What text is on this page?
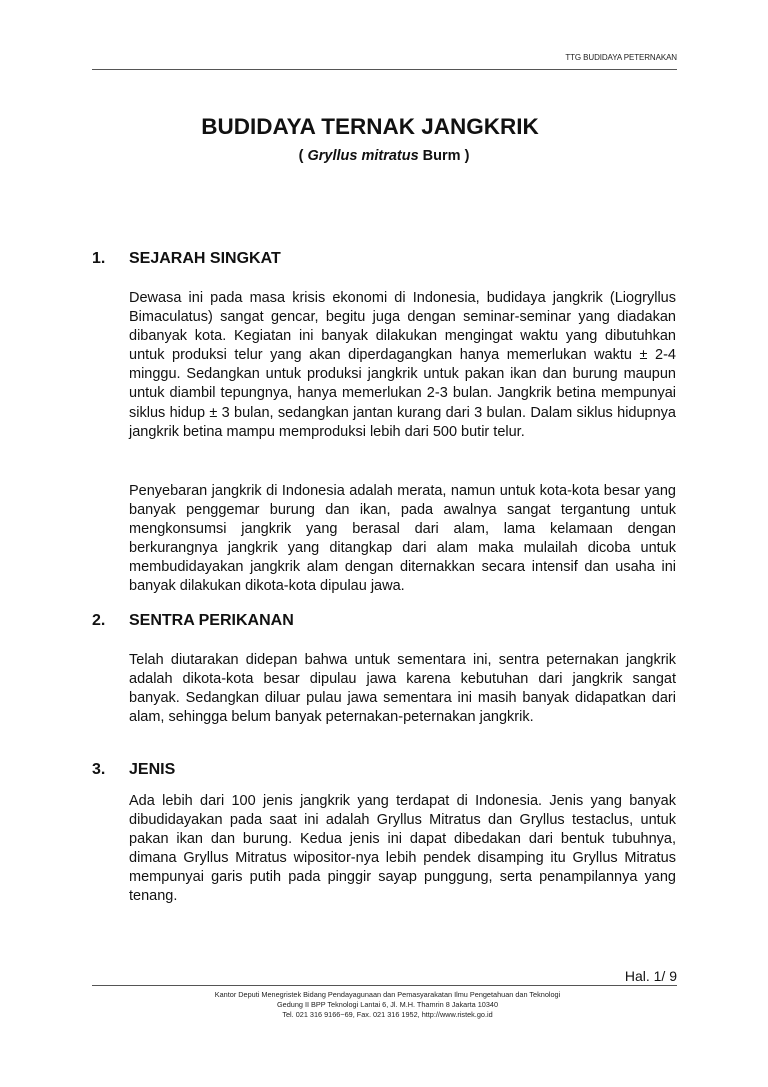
TTG BUDIDAYA PETERNAKAN
BUDIDAYA TERNAK JANGKRIK
( Gryllus mitratus Burm )
1. SEJARAH SINGKAT

Dewasa ini pada masa krisis ekonomi di Indonesia, budidaya jangkrik (Liogryllus Bimaculatus) sangat gencar, begitu juga dengan seminar-seminar yang diadakan dibanyak kota. Kegiatan ini banyak dilakukan mengingat waktu yang dibutuhkan untuk produksi telur yang akan diperdagangkan hanya memerlukan waktu ± 2-4 minggu. Sedangkan untuk produksi jangkrik untuk pakan ikan dan burung maupun untuk diambil tepungnya, hanya memerlukan 2-3 bulan. Jangkrik betina mempunyai siklus hidup ± 3 bulan, sedangkan jantan kurang dari 3 bulan. Dalam siklus hidupnya jangkrik betina mampu memproduksi lebih dari 500 butir telur.

Penyebaran jangkrik di Indonesia adalah merata, namun untuk kota-kota besar yang banyak penggemar burung dan ikan, pada awalnya sangat tergantung untuk mengkonsumsi jangkrik yang berasal dari alam, lama kelamaan dengan berkurangnya jangkrik yang ditangkap dari alam maka mulailah dicoba untuk membudidayakan jangkrik alam dengan diternakkan secara intensif dan usaha ini banyak dilakukan dikota-kota dipulau jawa.

2. SENTRA PERIKANAN

Telah diutarakan didepan bahwa untuk sementara ini, sentra peternakan jangkrik adalah dikota-kota besar dipulau jawa karena kebutuhan dari jangkrik sangat banyak. Sedangkan diluar pulau jawa sementara ini masih banyak didapatkan dari alam, sehingga belum banyak peternakan-peternakan jangkrik.

3. JENIS

Ada lebih dari 100 jenis jangkrik yang terdapat di Indonesia. Jenis yang banyak dibudidayakan pada saat ini adalah Gryllus Mitratus dan Gryllus testaclus, untuk pakan ikan dan burung. Kedua jenis ini dapat dibedakan dari bentuk tubuhnya, dimana Gryllus Mitratus wipositor-nya lebih pendek disamping itu Gryllus Mitratus mempunyai garis putih pada pinggir sayap punggung, serta penampilannya yang tenang.

Hal. 1/ 9
Kantor Deputi Menegristek Bidang Pendayagunaan dan Pemasyarakatan Ilmu Pengetahuan dan Teknologi
Gedung II BPP Teknologi Lantai 6, Jl. M.H. Thamrin 8 Jakarta 10340
Tel. 021 316 9166~69, Fax. 021 316 1952, http://www.ristek.go.id
